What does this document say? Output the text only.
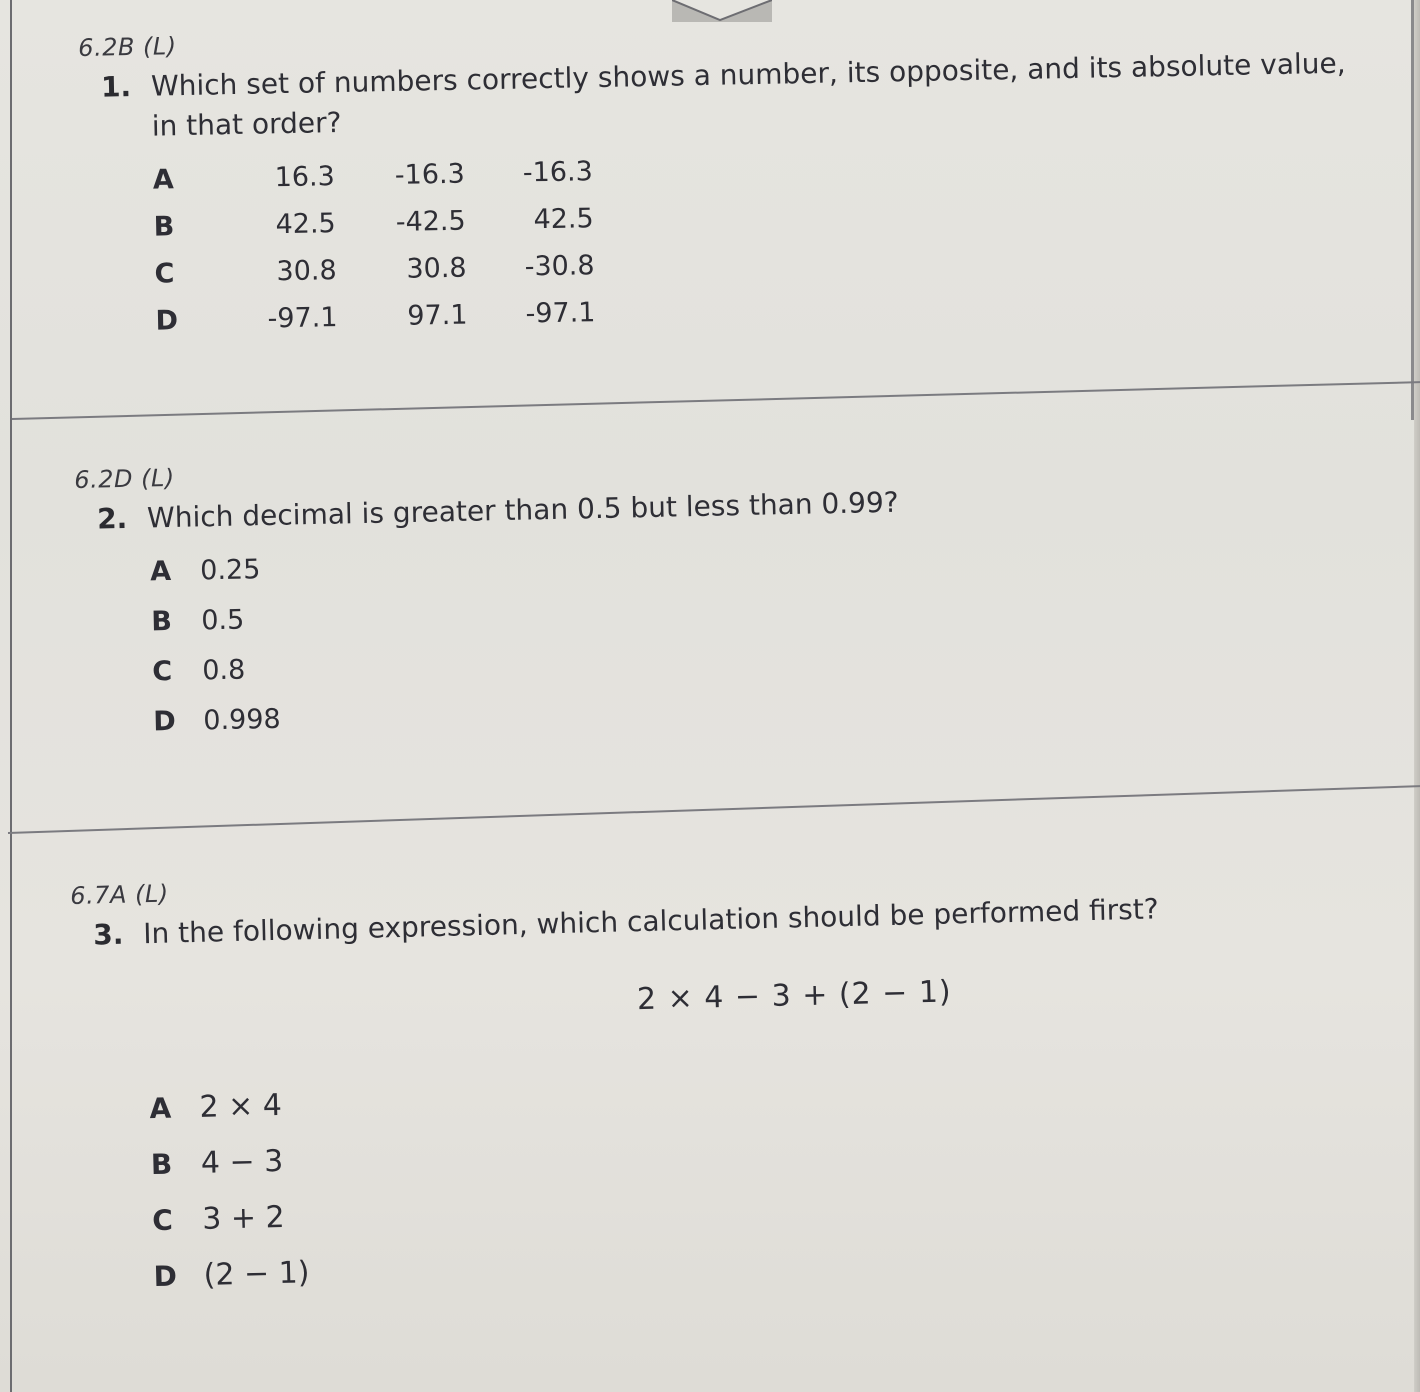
6.2B (L)
1. Which set of numbers correctly shows a number, its opposite, and its absolute value, in that order?
A	16.3	-16.3	-16.3
B	42.5	-42.5	42.5
C	30.8	30.8	-30.8
D	-97.1	97.1	-97.1
6.2D (L)
2. Which decimal is greater than 0.5 but less than 0.99?
A	0.25
B	0.5
C	0.8
D 0.998
6.7A (L)
3. In the following expression, which calculation should be performed first?
2 × 4 − 3 + (2 − 1)
A 2 × 4
B 4 − 3
C 3 + 2
D (2 − 1)
